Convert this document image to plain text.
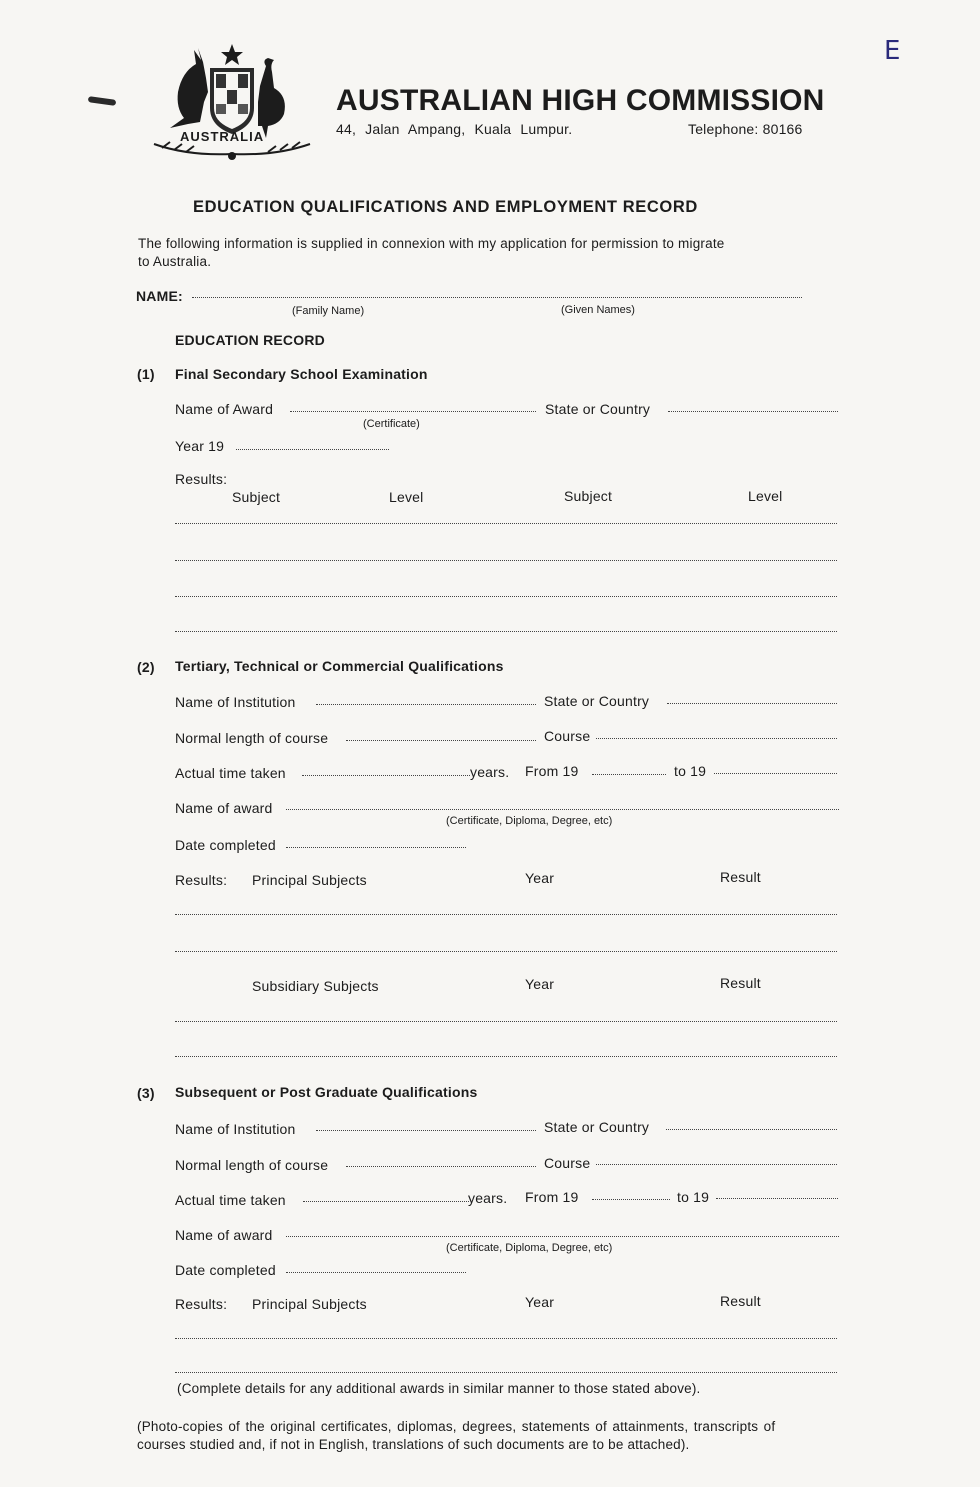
AUSTRALIA
AUSTRALIAN HIGH COMMISSION
44, Jalan Ampang, Kuala Lumpur.	Telephone: 80166
E
EDUCATION QUALIFICATIONS AND EMPLOYMENT RECORD
The following information is supplied in connexion with my application for permission to migrate
to Australia.
NAME:
(Family Name)	(Given Names)
EDUCATION RECORD
(1) Final Secondary School Examination
Name of Award
(Certificate)
State or Country
Year 19
Results:
Subject	Level	Subject	Level
(2) Tertiary, Technical or Commercial Qualifications
Name of Institution	State or Country
Normal length of course	Course
Actual time taken	years. From 19	to 19
Name of award
(Certificate, Diploma, Degree, etc)
Date completed
Results: Principal Subjects	Year	Result
Subsidiary Subjects	Year	Result
(3) Subsequent or Post Graduate Qualifications
Name of Institution	State or Country
Normal length of course	Course
Actual time taken	years. From 19	to 19
Name of award
(Certificate, Diploma, Degree, etc)
Date completed
Results: Principal Subjects	Year	Result
(Complete details for any additional awards in similar manner to those stated above).
(Photo-copies of the original certificates, diplomas, degrees, statements of attainments, transcripts of
courses studied and, if not in English, translations of such documents are to be attached).
